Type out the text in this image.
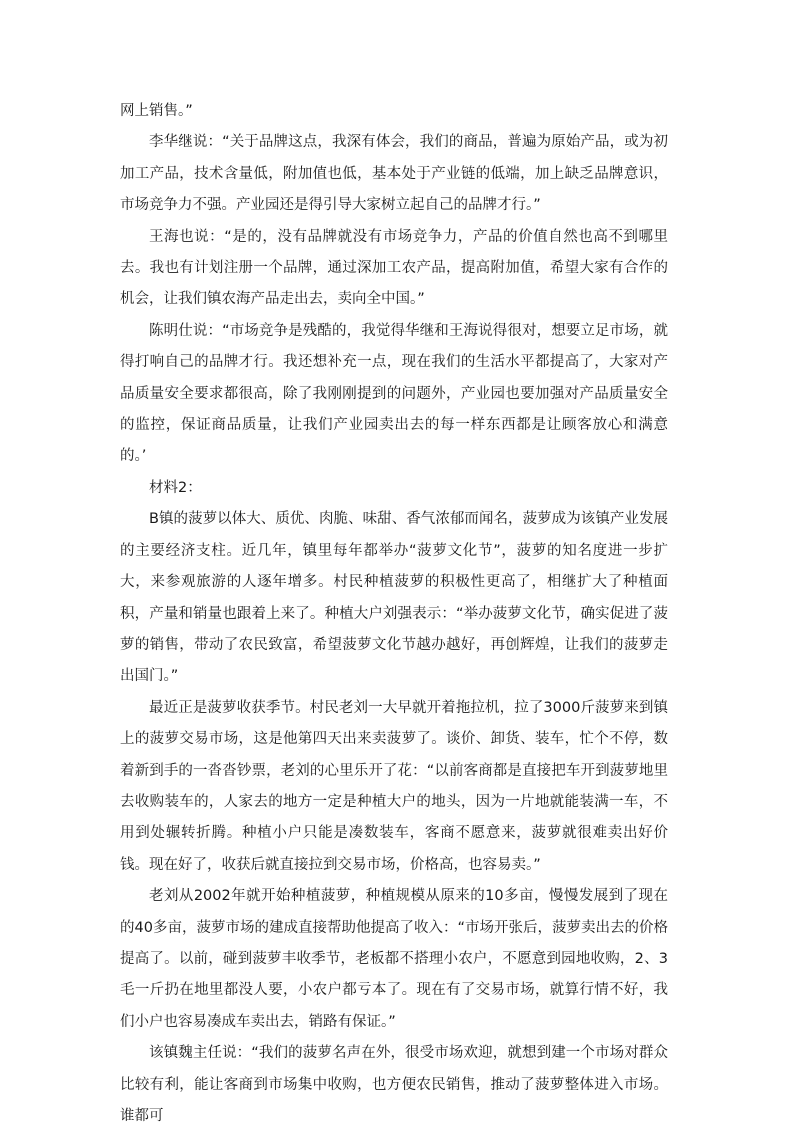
网上销售。”

李华继说：“关于品牌这点，我深有体会，我们的商品，普遍为原始产品，或为初加工产品，技术含量低，附加值也低，基本处于产业链的低端，加上缺乏品牌意识，市场竞争力不强。产业园还是得引导大家树立起自己的品牌才行。”

王海也说：“是的，没有品牌就没有市场竞争力，产品的价值自然也高不到哪里去。我也有计划注册一个品牌，通过深加工农产品，提高附加值，希望大家有合作的机会，让我们镇农海产品走出去，卖向全中国。”

陈明仕说：“市场竞争是残酷的，我觉得华继和王海说得很对，想要立足市场，就得打响自己的品牌才行。我还想补充一点，现在我们的生活水平都提高了，大家对产品质量安全要求都很高，除了我刚刚提到的问题外，产业园也要加强对产品质量安全的监控，保证商品质量，让我们产业园卖出去的每一样东西都是让顾客放心和满意的。’

材料2：

B镇的菠萝以体大、质优、肉脆、味甜、香气浓郁而闻名，菠萝成为该镇产业发展的主要经济支柱。近几年，镇里每年都举办“菠萝文化节”，菠萝的知名度进一步扩大，来参观旅游的人逐年增多。村民种植菠萝的积极性更高了，相继扩大了种植面积，产量和销量也跟着上来了。种植大户刘强表示：“举办菠萝文化节，确实促进了菠萝的销售，带动了农民致富，希望菠萝文化节越办越好，再创辉煌，让我们的菠萝走出国门。”

最近正是菠萝收获季节。村民老刘一大早就开着拖拉机，拉了3000斤菠萝来到镇上的菠萝交易市场，这是他第四天出来卖菠萝了。谈价、卸货、装车，忙个不停，数着新到手的一沓沓钞票，老刘的心里乐开了花：“以前客商都是直接把车开到菠萝地里去收购装车的，人家去的地方一定是种植大户的地头，因为一片地就能装满一车，不用到处辗转折腾。种植小户只能是凑数装车，客商不愿意来，菠萝就很难卖出好价钱。现在好了，收获后就直接拉到交易市场，价格高，也容易卖。”

老刘从2002年就开始种植菠萝，种植规模从原来的10多亩，慢慢发展到了现在的40多亩，菠萝市场的建成直接帮助他提高了收入：“市场开张后，菠萝卖出去的价格提高了。以前，碰到菠萝丰收季节，老板都不搭理小农户，不愿意到园地收购，2、3毛一斤扔在地里都没人要，小农户都亏本了。现在有了交易市场，就算行情不好，我们小户也容易凑成车卖出去，销路有保证。”

该镇魏主任说：“我们的菠萝名声在外，很受市场欢迎，就想到建一个市场对群众比较有利，能让客商到市场集中收购，也方便农民销售，推动了菠萝整体进入市场。谁都可
